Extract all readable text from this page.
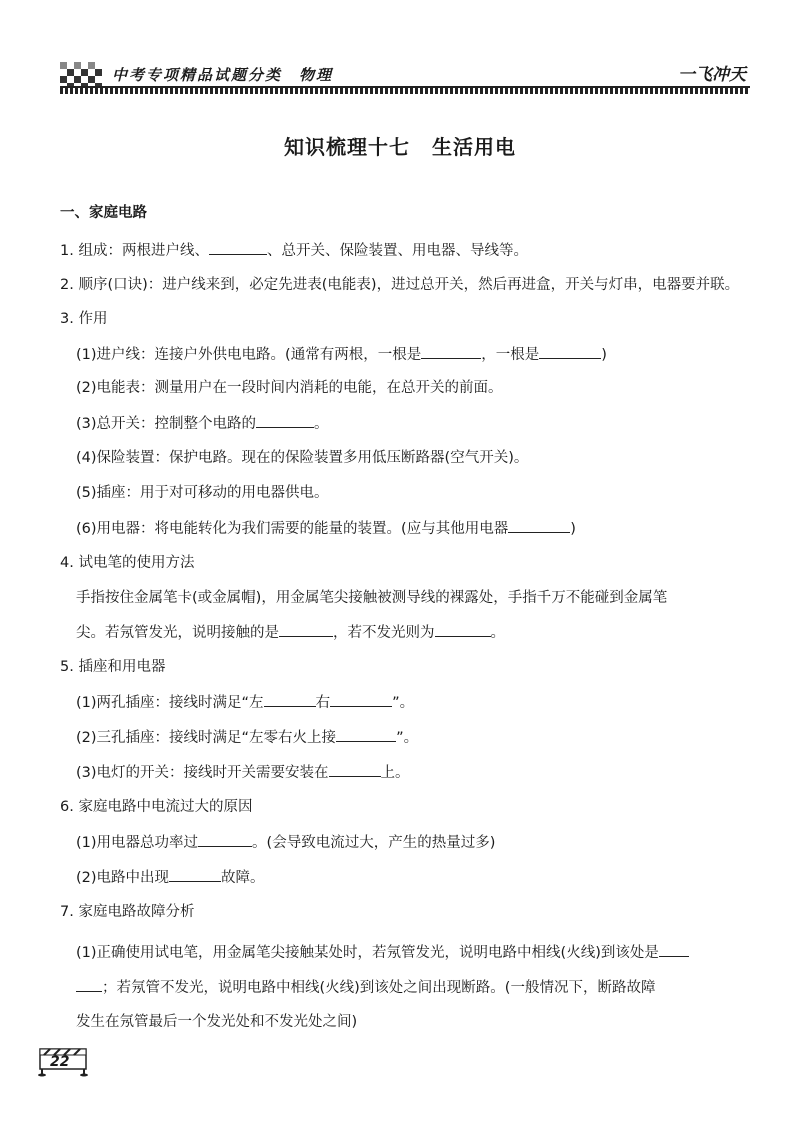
中考专项精品试题分类　物理	一飞冲天
知识梳理十七 生活用电
一、家庭电路
1. 组成：两根进户线、	、总开关、保险装置、用电器、导线等。
2. 顺序(口诀)：进户线来到，必定先进表(电能表)，进过总开关，然后再进盒，开关与灯串，电器要并联。
3. 作用
(1)进户线：连接户外供电电路。(通常有两根，一根是	，一根是	)
(2)电能表：测量用户在一段时间内消耗的电能，在总开关的前面。
(3)总开关：控制整个电路的	。
(4)保险装置：保护电路。现在的保险装置多用低压断路器(空气开关)。
(5)插座：用于对可移动的用电器供电。
(6)用电器：将电能转化为我们需要的能量的装置。(应与其他用电器	)
4. 试电笔的使用方法
手指按住金属笔卡(或金属帽)，用金属笔尖接触被测导线的裸露处，手指千万不能碰到金属笔
尖。若氖管发光，说明接触的是	，若不发光则为	。
5. 插座和用电器
(1)两孔插座：接线时满足“左	右	”。
(2)三孔插座：接线时满足“左零右火上接	”。
(3)电灯的开关：接线时开关需要安装在	上。
6. 家庭电路中电流过大的原因
(1)用电器总功率过	。(会导致电流过大，产生的热量过多)
(2)电路中出现	故障。
7. 家庭电路故障分析
(1)正确使用试电笔，用金属笔尖接触某处时，若氖管发光，说明电路中相线(火线)到该处是
；若氖管不发光，说明电路中相线(火线)到该处之间出现断路。(一般情况下，断路故障
发生在氖管最后一个发光处和不发光处之间)
22
